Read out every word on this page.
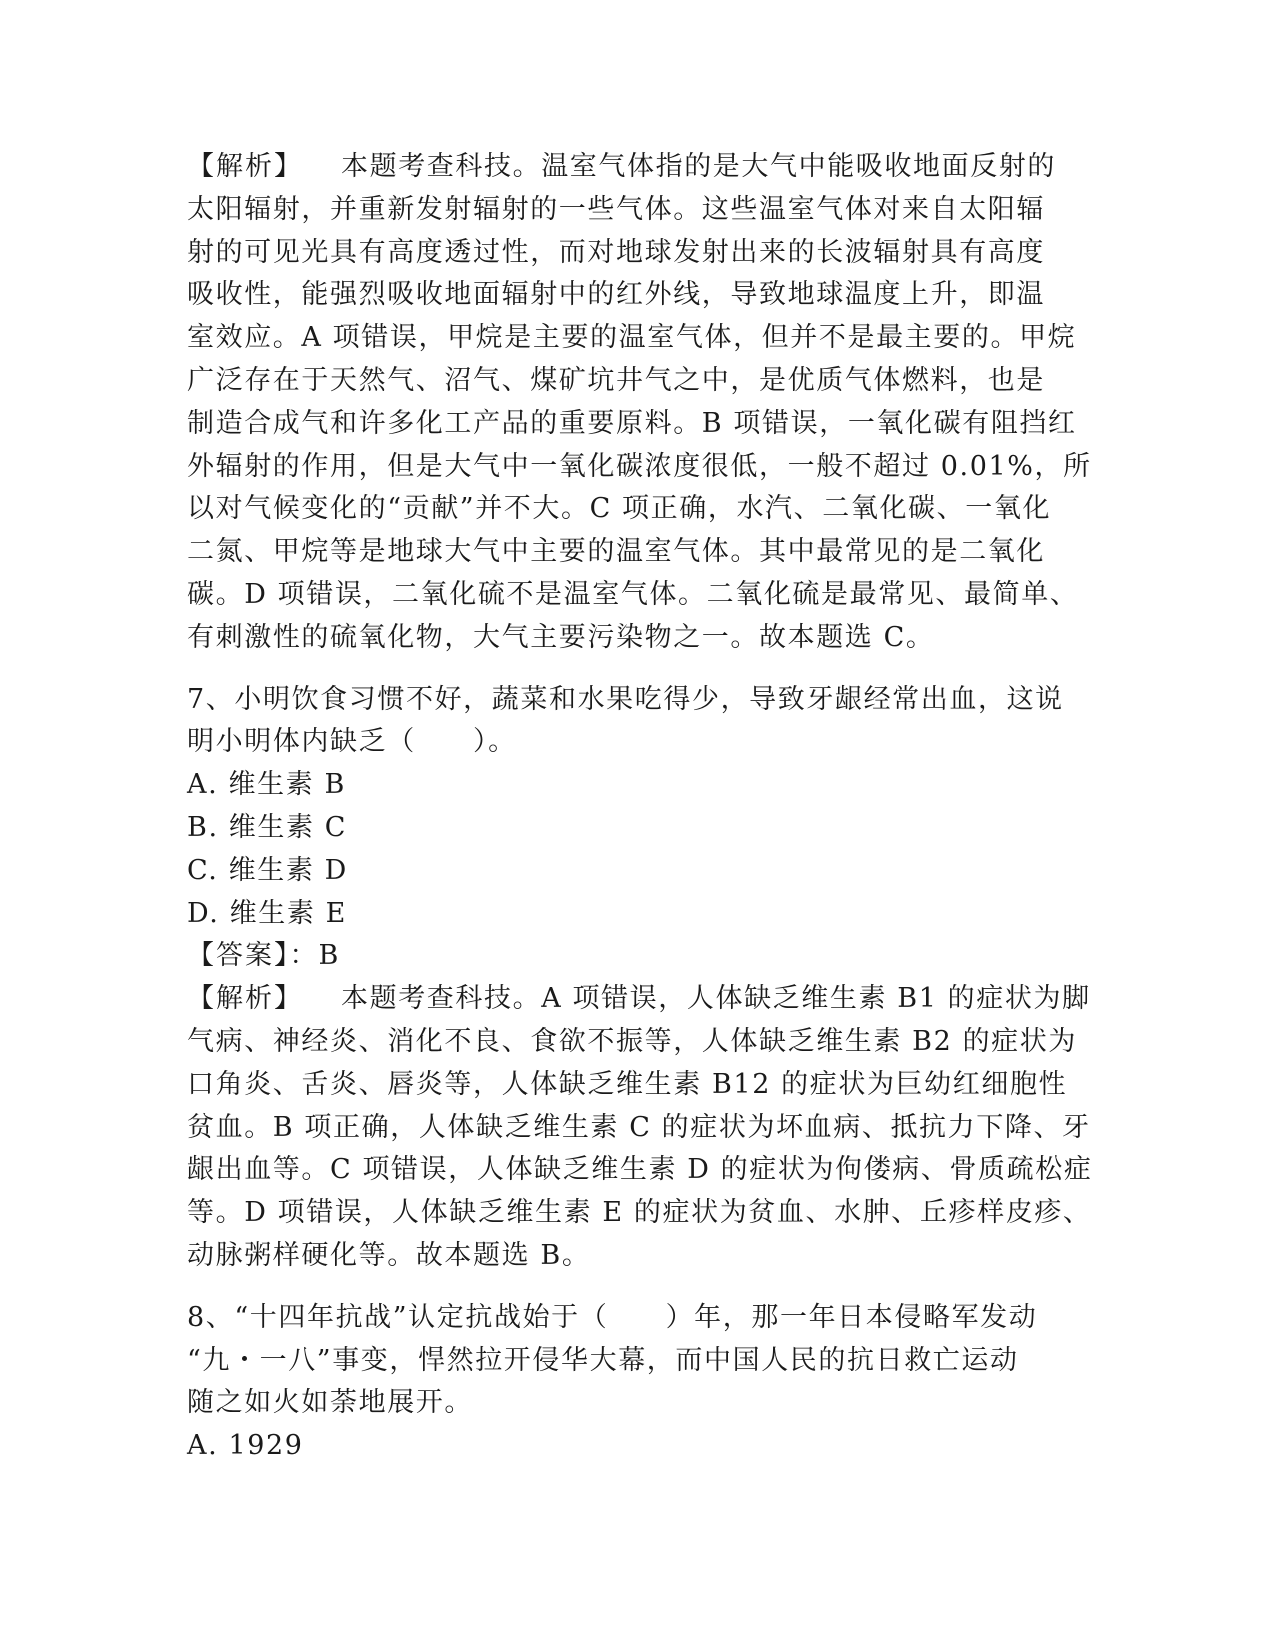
【解析】 本题考查科技。温室气体指的是大气中能吸收地面反射的
太阳辐射，并重新发射辐射的一些气体。这些温室气体对来自太阳辐
射的可见光具有高度透过性，而对地球发射出来的长波辐射具有高度
吸收性，能强烈吸收地面辐射中的红外线，导致地球温度上升，即温
室效应。A 项错误，甲烷是主要的温室气体，但并不是最主要的。甲烷
广泛存在于天然气、沼气、煤矿坑井气之中，是优质气体燃料，也是
制造合成气和许多化工产品的重要原料。B 项错误，一氧化碳有阻挡红
外辐射的作用，但是大气中一氧化碳浓度很低，一般不超过 0.01%，所
以对气候变化的“贡献”并不大。C 项正确，水汽、二氧化碳、一氧化
二氮、甲烷等是地球大气中主要的温室气体。其中最常见的是二氧化
碳。D 项错误，二氧化硫不是温室气体。二氧化硫是最常见、最简单、
有刺激性的硫氧化物，大气主要污染物之一。故本题选 C。
7、小明饮食习惯不好，蔬菜和水果吃得少，导致牙龈经常出血，这说
明小明体内缺乏（　　）。
A. 维生素 B
B. 维生素 C
C. 维生素 D
D. 维生素 E
【答案】：B
【解析】 本题考查科技。A 项错误，人体缺乏维生素 B1 的症状为脚
气病、神经炎、消化不良、食欲不振等，人体缺乏维生素 B2 的症状为
口角炎、舌炎、唇炎等，人体缺乏维生素 B12 的症状为巨幼红细胞性
贫血。B 项正确，人体缺乏维生素 C 的症状为坏血病、抵抗力下降、牙
龈出血等。C 项错误，人体缺乏维生素 D 的症状为佝偻病、骨质疏松症
等。D 项错误，人体缺乏维生素 E 的症状为贫血、水肿、丘疹样皮疹、
动脉粥样硬化等。故本题选 B。
8、“十四年抗战”认定抗战始于（　　）年，那一年日本侵略军发动
“九・一八”事变，悍然拉开侵华大幕，而中国人民的抗日救亡运动
随之如火如荼地展开。
A. 1929
